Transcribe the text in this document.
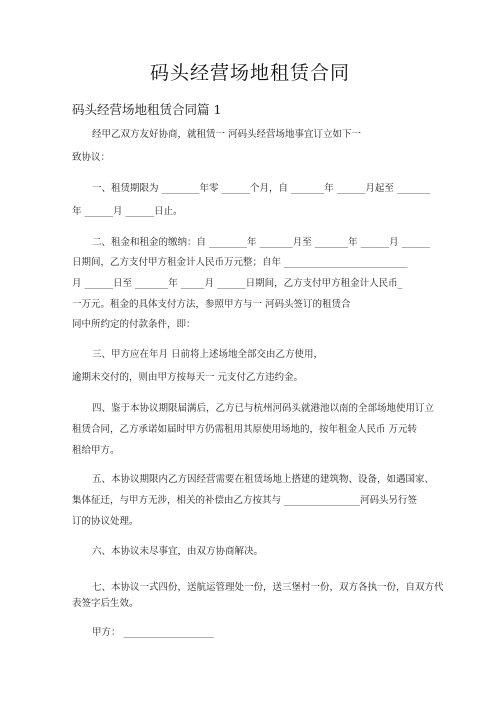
码头经营场地租赁合同
码头经营场地租赁合同篇 1
经甲乙双方友好协商，就租赁一 河码头经营场地事宜订立如下一
致协议：
一、租赁期限为 ________年零 ______个月，自 _______年 ______月起至 _______
年 ______月 ______日止。
二、租金和租金的缴纳：自 ________年 _______月至 _______年 ______月 ______
日期间，乙方支付甲方租金计人民币万元整；自年 __________________________
月 ______日至 _______年 _____月 ______日期间，乙方支付甲方租金计人民币_
一万元。租金的具体支付方法，参照甲方与一 河码头签订的租赁合
同中所约定的付款条件，即：
三、甲方应在年月 日前将上述场地全部交由乙方使用，
逾期未交付的，则由甲方按每天一 元支付乙方违约金。
四、鉴于本协议期限届满后，乙方已与杭州河码头就港池以南的全部场地使用订立
租赁合同，乙方承诺如届时甲方仍需租用其原使用场地的，按年租金人民币 万元转
租给甲方。
五、本协议期限内乙方因经营需要在租赁场地上搭建的建筑物、设备，如遇国家、
集体征迁，与甲方无涉，相关的补偿由乙方按其与 ________________河码头另行签
订的协议处理。
六、本协议未尽事宜，由双方协商解决。
七、本协议一式四份，送航运管理处一份，送三堡村一份，双方各执一份，自双方代
表签字后生效。
甲方： ___________________
